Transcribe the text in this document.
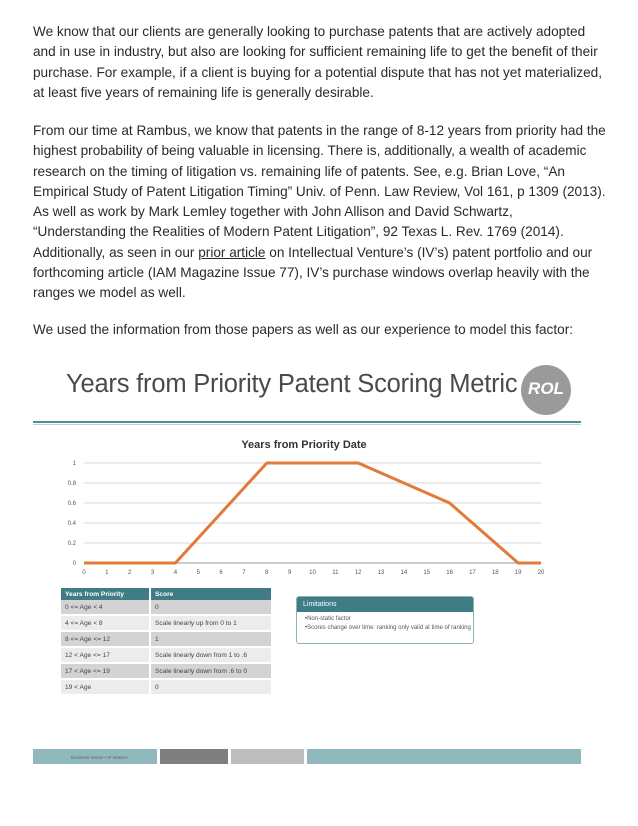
We know that our clients are generally looking to purchase patents that are actively adopted and in use in industry, but also are looking for sufficient remaining life to get the benefit of their purchase. For example, if a client is buying for a potential dispute that has not yet materialized, at least five years of remaining life is generally desirable.

From our time at Rambus, we know that patents in the range of 8-12 years from priority had the highest probability of being valuable in licensing. There is, additionally, a wealth of academic research on the timing of litigation vs. remaining life of patents. See, e.g. Brian Love, “An Empirical Study of Patent Litigation Timing” Univ. of Penn. Law Review, Vol 161, p 1309 (2013). As well as work by Mark Lemley together with John Allison and David Schwartz, “Understanding the Realities of Modern Patent Litigation”, 92 Texas L. Rev. 1769 (2014). Additionally, as seen in our prior article on Intellectual Venture’s (IV’s) patent portfolio and our forthcoming article (IAM Magazine Issue 77), IV’s purchase windows overlap heavily with the ranges we model as well.

We used the information from those papers as well as our experience to model this factor:

Years from Priority Patent Scoring Metric ROL
Years from Priority Date
0
0.2
0.4
0.6
0.8
1
0	1	2	3	4	5	6	7	8	9	10	11	12	13	14	15	16	17	18	19	20
Years from Priority	Score
0 <= Age < 4	0
4 <= Age < 8	Scale linearly up from 0 to 1
8 <= Age <= 12	1
12 < Age <= 17	Scale linearly down from 1 to .6
17 < Age <= 19	Scale linearly down from .6 to 0
19 < Age	0
Limitations
•Non-static factor
•Scores change over time: ranking only valid at time of ranking
Business Sense • IP Matters
